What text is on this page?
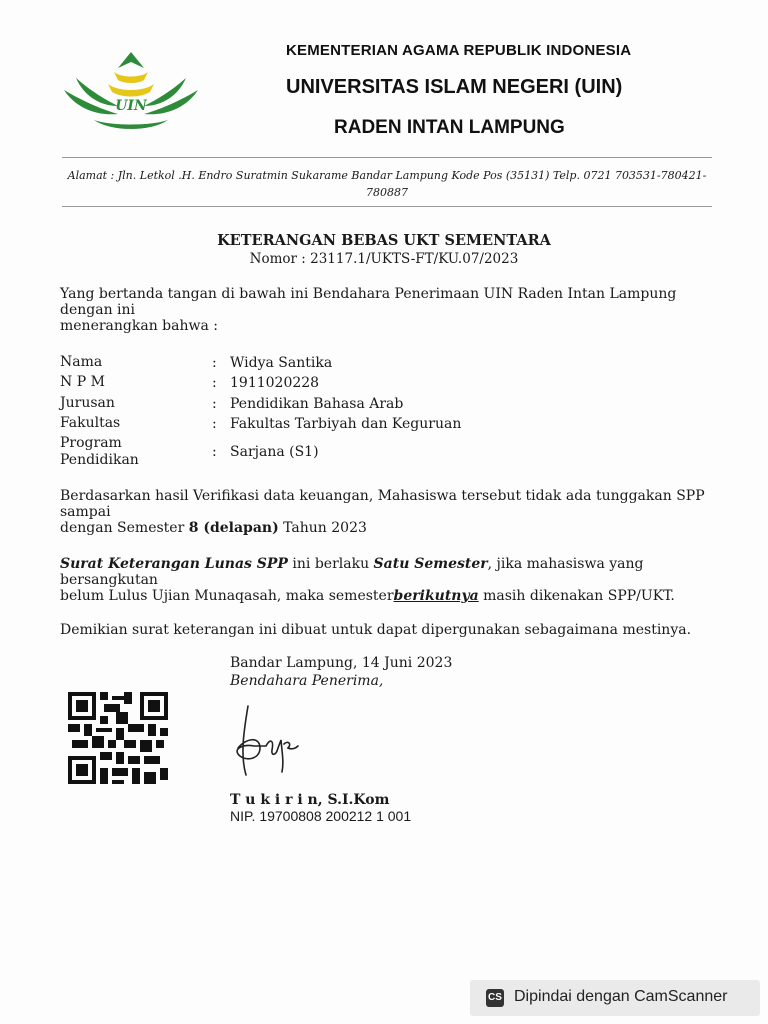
UIN
KEMENTERIAN AGAMA REPUBLIK INDONESIA
UNIVERSITAS ISLAM NEGERI (UIN)
RADEN INTAN LAMPUNG
Alamat : Jln. Letkol .H. Endro Suratmin Sukarame Bandar Lampung Kode Pos (35131) Telp. 0721 703531-780421-
780887
KETERANGAN BEBAS UKT SEMENTARA
Nomor : 23117.1/UKTS-FT/KU.07/2023
Yang bertanda tangan di bawah ini Bendahara Penerimaan UIN Raden Intan Lampung
dengan ini
menerangkan bahwa :
Nama	: Widya Santika
N P M	: 1911020228
Jurusan	: Pendidikan Bahasa Arab
Fakultas	: Fakultas Tarbiyah dan Keguruan
Program
Pendidikan	: Sarjana (S1)
Berdasarkan hasil Verifikasi data keuangan, Mahasiswa tersebut tidak ada tunggakan SPP
sampai
dengan Semester 8 (delapan) Tahun 2023
Surat Keterangan Lunas SPP ini berlaku Satu Semester, jika mahasiswa yang
bersangkutan
belum Lulus Ujian Munaqasah, maka semesterberikutnya masih dikenakan SPP/UKT.
Demikian surat keterangan ini dibuat untuk dapat dipergunakan sebagaimana mestinya.
Bandar Lampung, 14 Juni 2023
Bendahara Penerima,
T u k i r i n, S.I.Kom
NIP. 19700808 200212 1 001
CS Dipindai dengan CamScanner
